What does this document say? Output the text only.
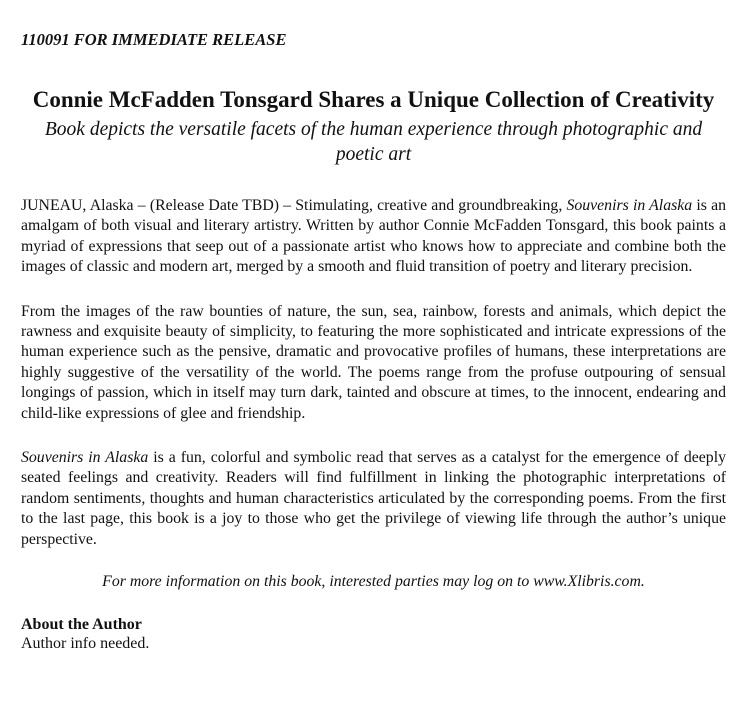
110091 FOR IMMEDIATE RELEASE

Connie McFadden Tonsgard Shares a Unique Collection of Creativity

Book depicts the versatile facets of the human experience through photographic and poetic art

JUNEAU, Alaska – (Release Date TBD) – Stimulating, creative and groundbreaking, Souvenirs in Alaska is an amalgam of both visual and literary artistry. Written by author Connie McFadden Tonsgard, this book paints a myriad of expressions that seep out of a passionate artist who knows how to appreciate and combine both the images of classic and modern art, merged by a smooth and fluid transition of poetry and literary precision.

From the images of the raw bounties of nature, the sun, sea, rainbow, forests and animals, which depict the rawness and exquisite beauty of simplicity, to featuring the more sophisticated and intricate expressions of the human experience such as the pensive, dramatic and provocative profiles of humans, these interpretations are highly suggestive of the versatility of the world. The poems range from the profuse outpouring of sensual longings of passion, which in itself may turn dark, tainted and obscure at times, to the innocent, endearing and child-like expressions of glee and friendship.

Souvenirs in Alaska is a fun, colorful and symbolic read that serves as a catalyst for the emergence of deeply seated feelings and creativity. Readers will find fulfillment in linking the photographic interpretations of random sentiments, thoughts and human characteristics articulated by the corresponding poems. From the first to the last page, this book is a joy to those who get the privilege of viewing life through the author’s unique perspective.

For more information on this book, interested parties may log on to www.Xlibris.com.

About the Author

Author info needed.
